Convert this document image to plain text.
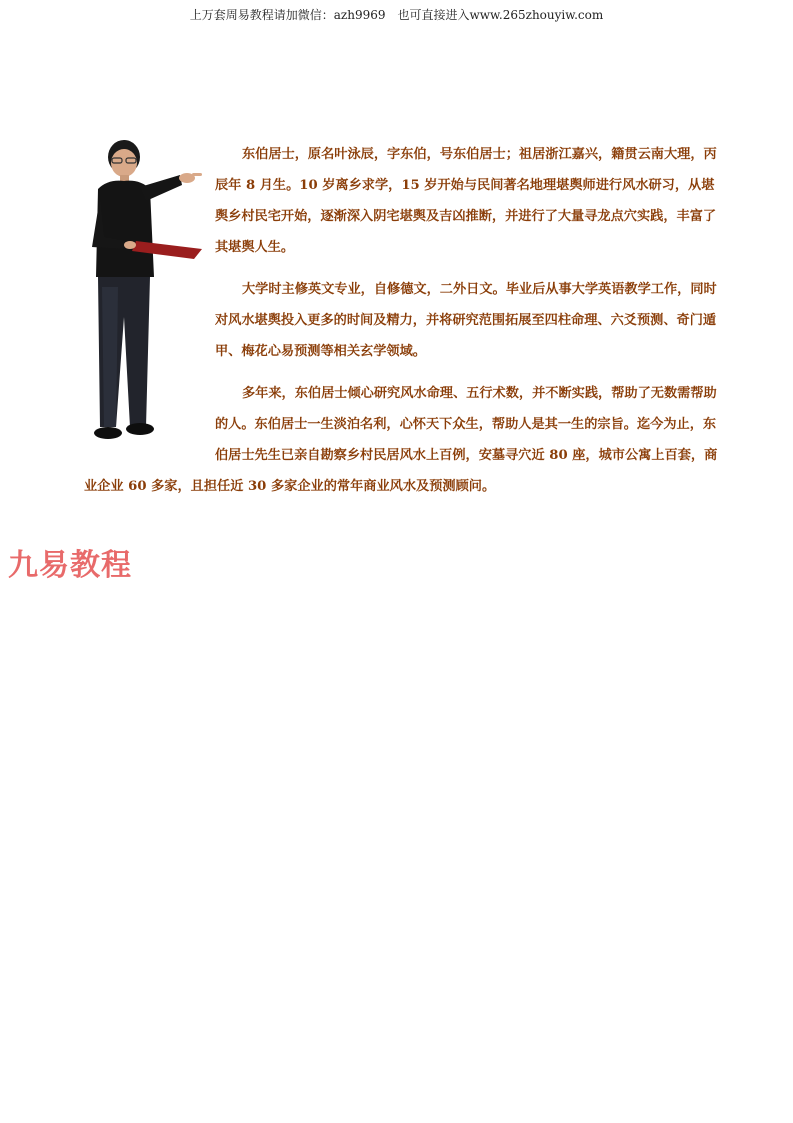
上万套周易教程请加微信：azh9969　也可直接进入www.265zhouyiw.com

东伯居士，原名叶泳辰，字东伯，号东伯居士；祖居浙江嘉兴，籍贯云南大理，丙辰年 8 月生。10 岁离乡求学，15 岁开始与民间著名地理堪舆师进行风水研习，从堪舆乡村民宅开始，逐渐深入阴宅堪舆及吉凶推断，并进行了大量寻龙点穴实践，丰富了其堪舆人生。

大学时主修英文专业，自修德文，二外日文。毕业后从事大学英语教学工作，同时对风水堪舆投入更多的时间及精力，并将研究范围拓展至四柱命理、六爻预测、奇门遁甲、梅花心易预测等相关玄学领域。

多年来，东伯居士倾心研究风水命理、五行术数，并不断实践，帮助了无数需帮助的人。东伯居士一生淡泊名利，心怀天下众生，帮助人是其一生的宗旨。迄今为止，东伯居士先生已亲自勘察乡村民居风水上百例，安墓寻穴近 80 座，城市公寓上百套，商业企业 60 多家，且担任近 30 多家企业的常年商业风水及预测顾问。

九易教程
